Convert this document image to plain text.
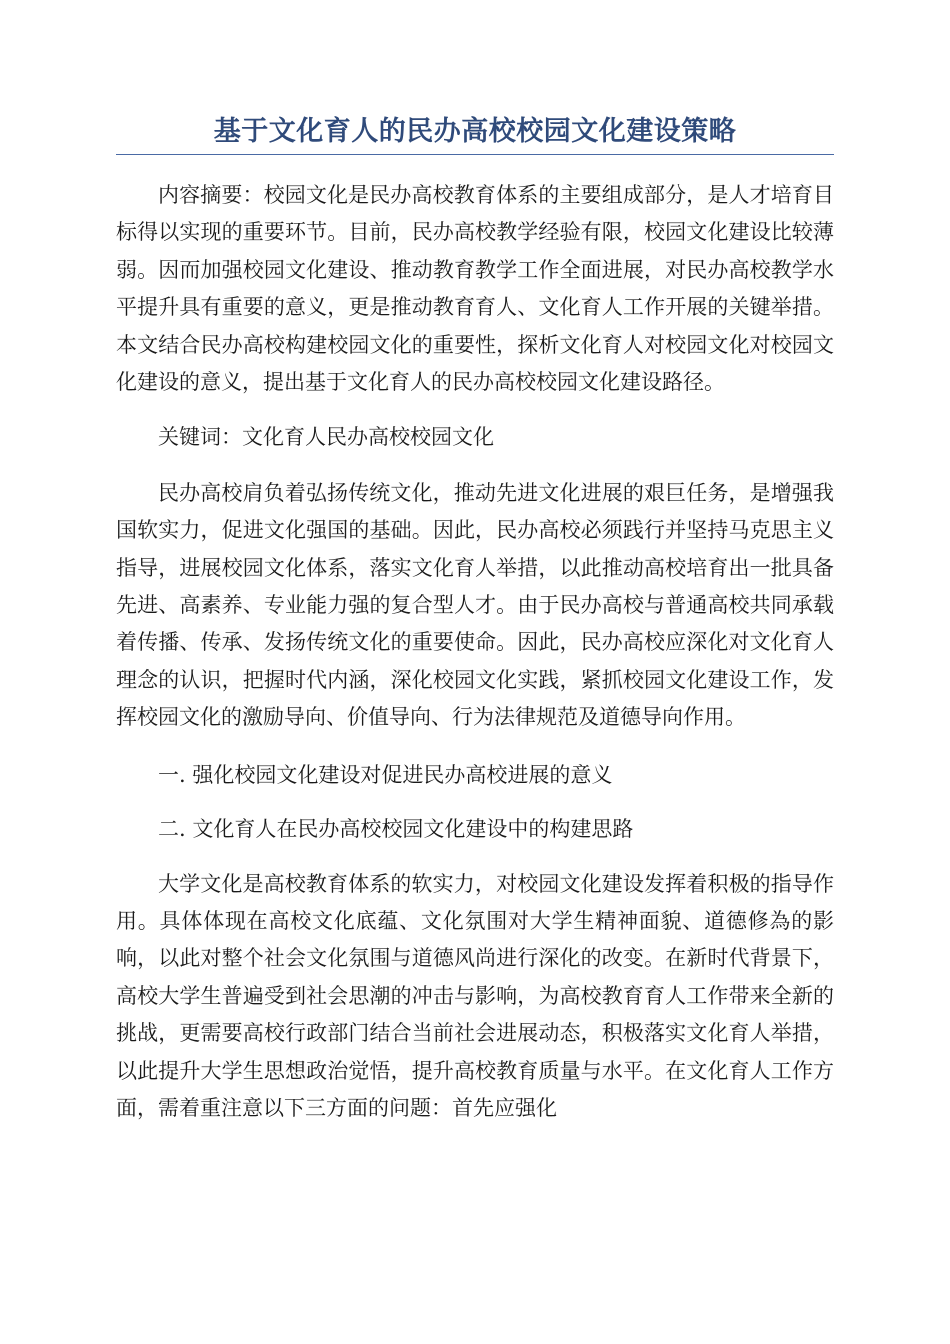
基于文化育人的民办高校校园文化建设策略

内容摘要：校园文化是民办高校教育体系的主要组成部分，是人才培育目标得以实现的重要环节。目前，民办高校教学经验有限，校园文化建设比较薄弱。因而加强校园文化建设、推动教育教学工作全面进展，对民办高校教学水平提升具有重要的意义，更是推动教育育人、文化育人工作开展的关键举措。本文结合民办高校构建校园文化的重要性，探析文化育人对校园文化对校园文化建设的意义，提出基于文化育人的民办高校校园文化建设路径。

关键词：文化育人民办高校校园文化

民办高校肩负着弘扬传统文化，推动先进文化进展的艰巨任务，是增强我国软实力，促进文化强国的基础。因此，民办高校必须践行并坚持马克思主义指导，进展校园文化体系，落实文化育人举措，以此推动高校培育出一批具备先进、高素养、专业能力强的复合型人才。由于民办高校与普通高校共同承载着传播、传承、发扬传统文化的重要使命。因此，民办高校应深化对文化育人理念的认识，把握时代内涵，深化校园文化实践，紧抓校园文化建设工作，发挥校园文化的激励导向、价值导向、行为法律规范及道德导向作用。

一. 强化校园文化建设对促进民办高校进展的意义

二. 文化育人在民办高校校园文化建设中的构建思路

大学文化是高校教育体系的软实力，对校园文化建设发挥着积极的指导作用。具体体现在高校文化底蕴、文化氛围对大学生精神面貌、道德修為的影响，以此对整个社会文化氛围与道德风尚进行深化的改变。在新时代背景下，高校大学生普遍受到社会思潮的冲击与影响，为高校教育育人工作带来全新的挑战，更需要高校行政部门结合当前社会进展动态，积极落实文化育人举措，以此提升大学生思想政治觉悟，提升高校教育质量与水平。在文化育人工作方面，需着重注意以下三方面的问题：首先应强化
